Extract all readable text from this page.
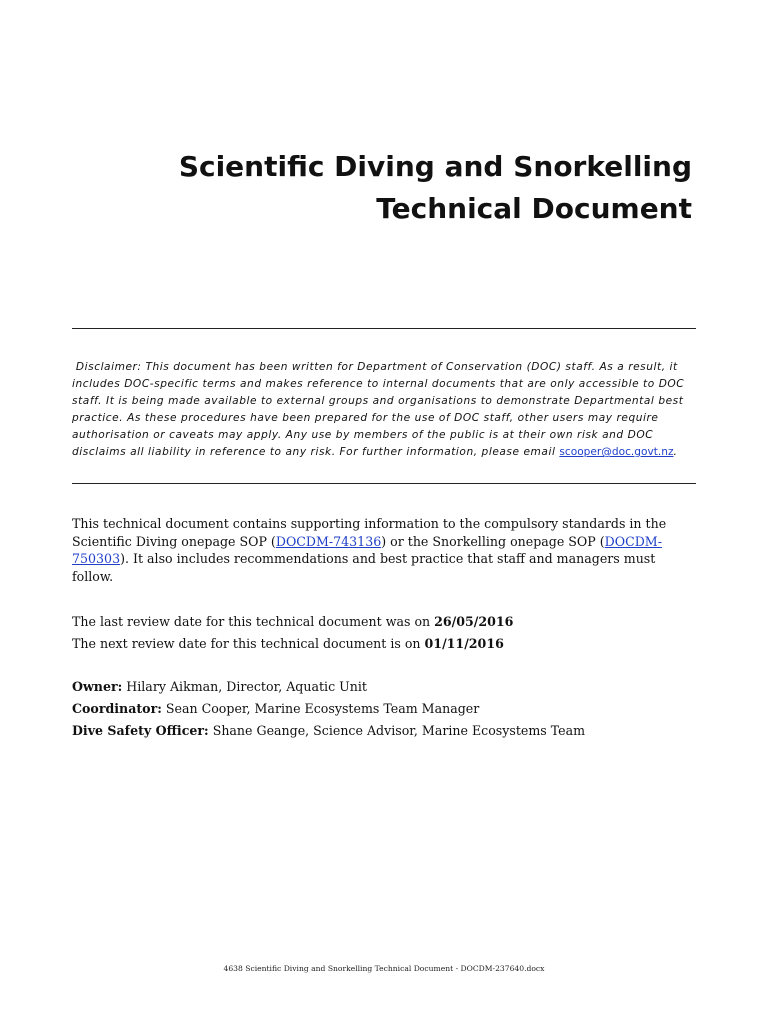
Scientific Diving and Snorkelling
Technical Document
Disclaimer: This document has been written for Department of Conservation (DOC) staff. As a result, it includes DOC-specific terms and makes reference to internal documents that are only accessible to DOC staff. It is being made available to external groups and organisations to demonstrate Departmental best practice. As these procedures have been prepared for the use of DOC staff, other users may require authorisation or caveats may apply. Any use by members of the public is at their own risk and DOC disclaims all liability in reference to any risk. For further information, please email scooper@doc.govt.nz.
This technical document contains supporting information to the compulsory standards in the Scientific Diving onepage SOP (DOCDM-743136) or the Snorkelling onepage SOP (DOCDM-750303). It also includes recommendations and best practice that staff and managers must follow.
The last review date for this technical document was on 26/05/2016
The next review date for this technical document is on 01/11/2016
Owner: Hilary Aikman, Director, Aquatic Unit
Coordinator: Sean Cooper, Marine Ecosystems Team Manager
Dive Safety Officer: Shane Geange, Science Advisor, Marine Ecosystems Team
4638 Scientific Diving and Snorkelling Technical Document - DOCDM-237640.docx
